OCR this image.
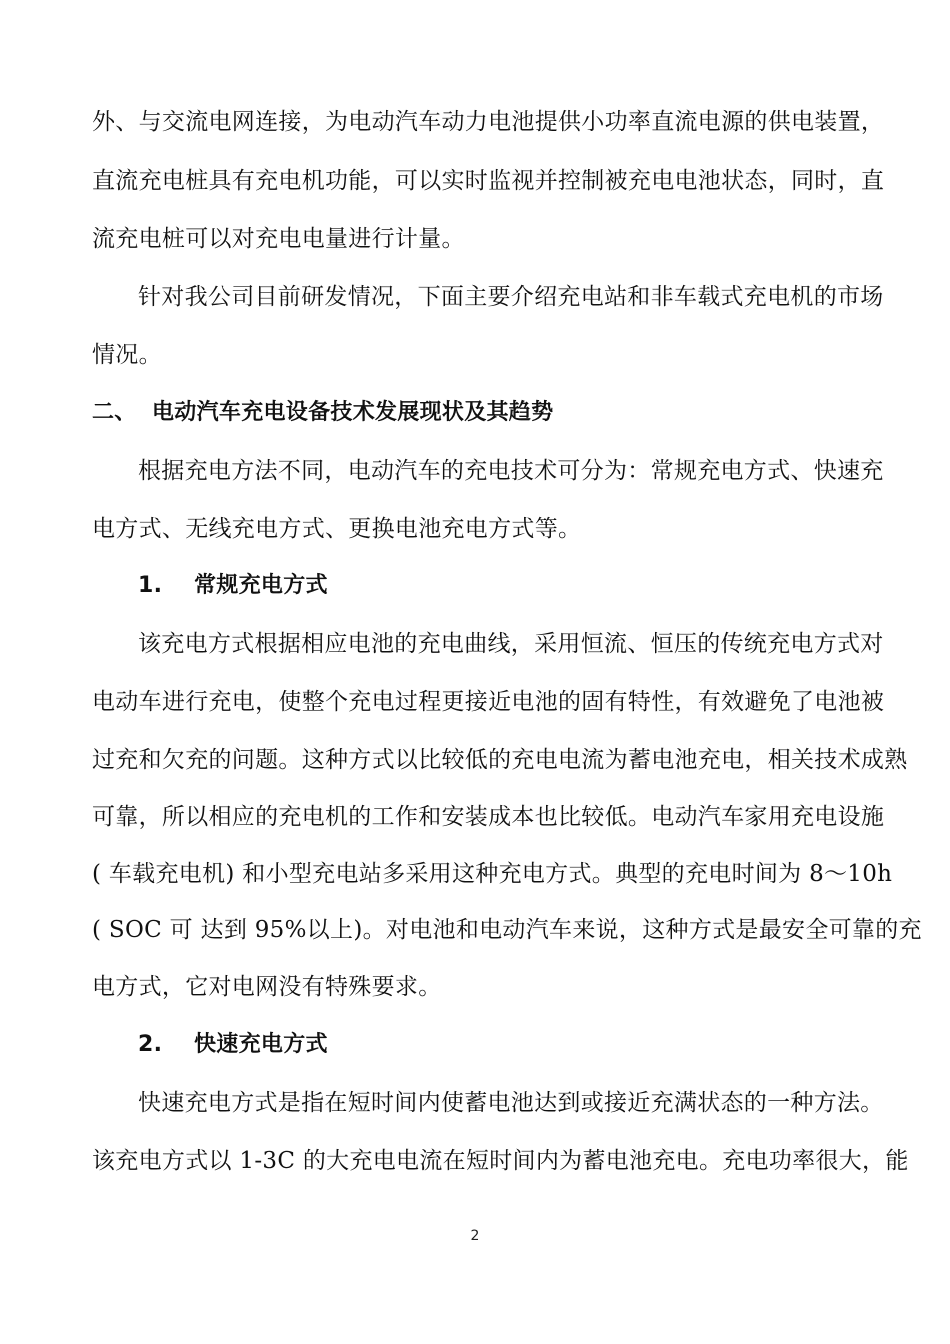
外、与交流电网连接，为电动汽车动力电池提供小功率直流电源的供电装置，
直流充电桩具有充电机功能，可以实时监视并控制被充电电池状态，同时，直
流充电桩可以对充电电量进行计量。
针对我公司目前研发情况，下面主要介绍充电站和非车载式充电机的市场
情况。
二、 电动汽车充电设备技术发展现状及其趋势
根据充电方法不同，电动汽车的充电技术可分为：常规充电方式、快速充
电方式、无线充电方式、更换电池充电方式等。
1. 常规充电方式
该充电方式根据相应电池的充电曲线，采用恒流、恒压的传统充电方式对
电动车进行充电，使整个充电过程更接近电池的固有特性，有效避免了电池被
过充和欠充的问题。这种方式以比较低的充电电流为蓄电池充电，相关技术成熟
可靠，所以相应的充电机的工作和安装成本也比较低。电动汽车家用充电设施
( 车载充电机) 和小型充电站多采用这种充电方式。典型的充电时间为 8～10h
( SOC 可 达到 95%以上)。对电池和电动汽车来说，这种方式是最安全可靠的充
电方式，它对电网没有特殊要求。
2. 快速充电方式
快速充电方式是指在短时间内使蓄电池达到或接近充满状态的一种方法。
该充电方式以 1-3C 的大充电电流在短时间内为蓄电池充电。充电功率很大，能
2
